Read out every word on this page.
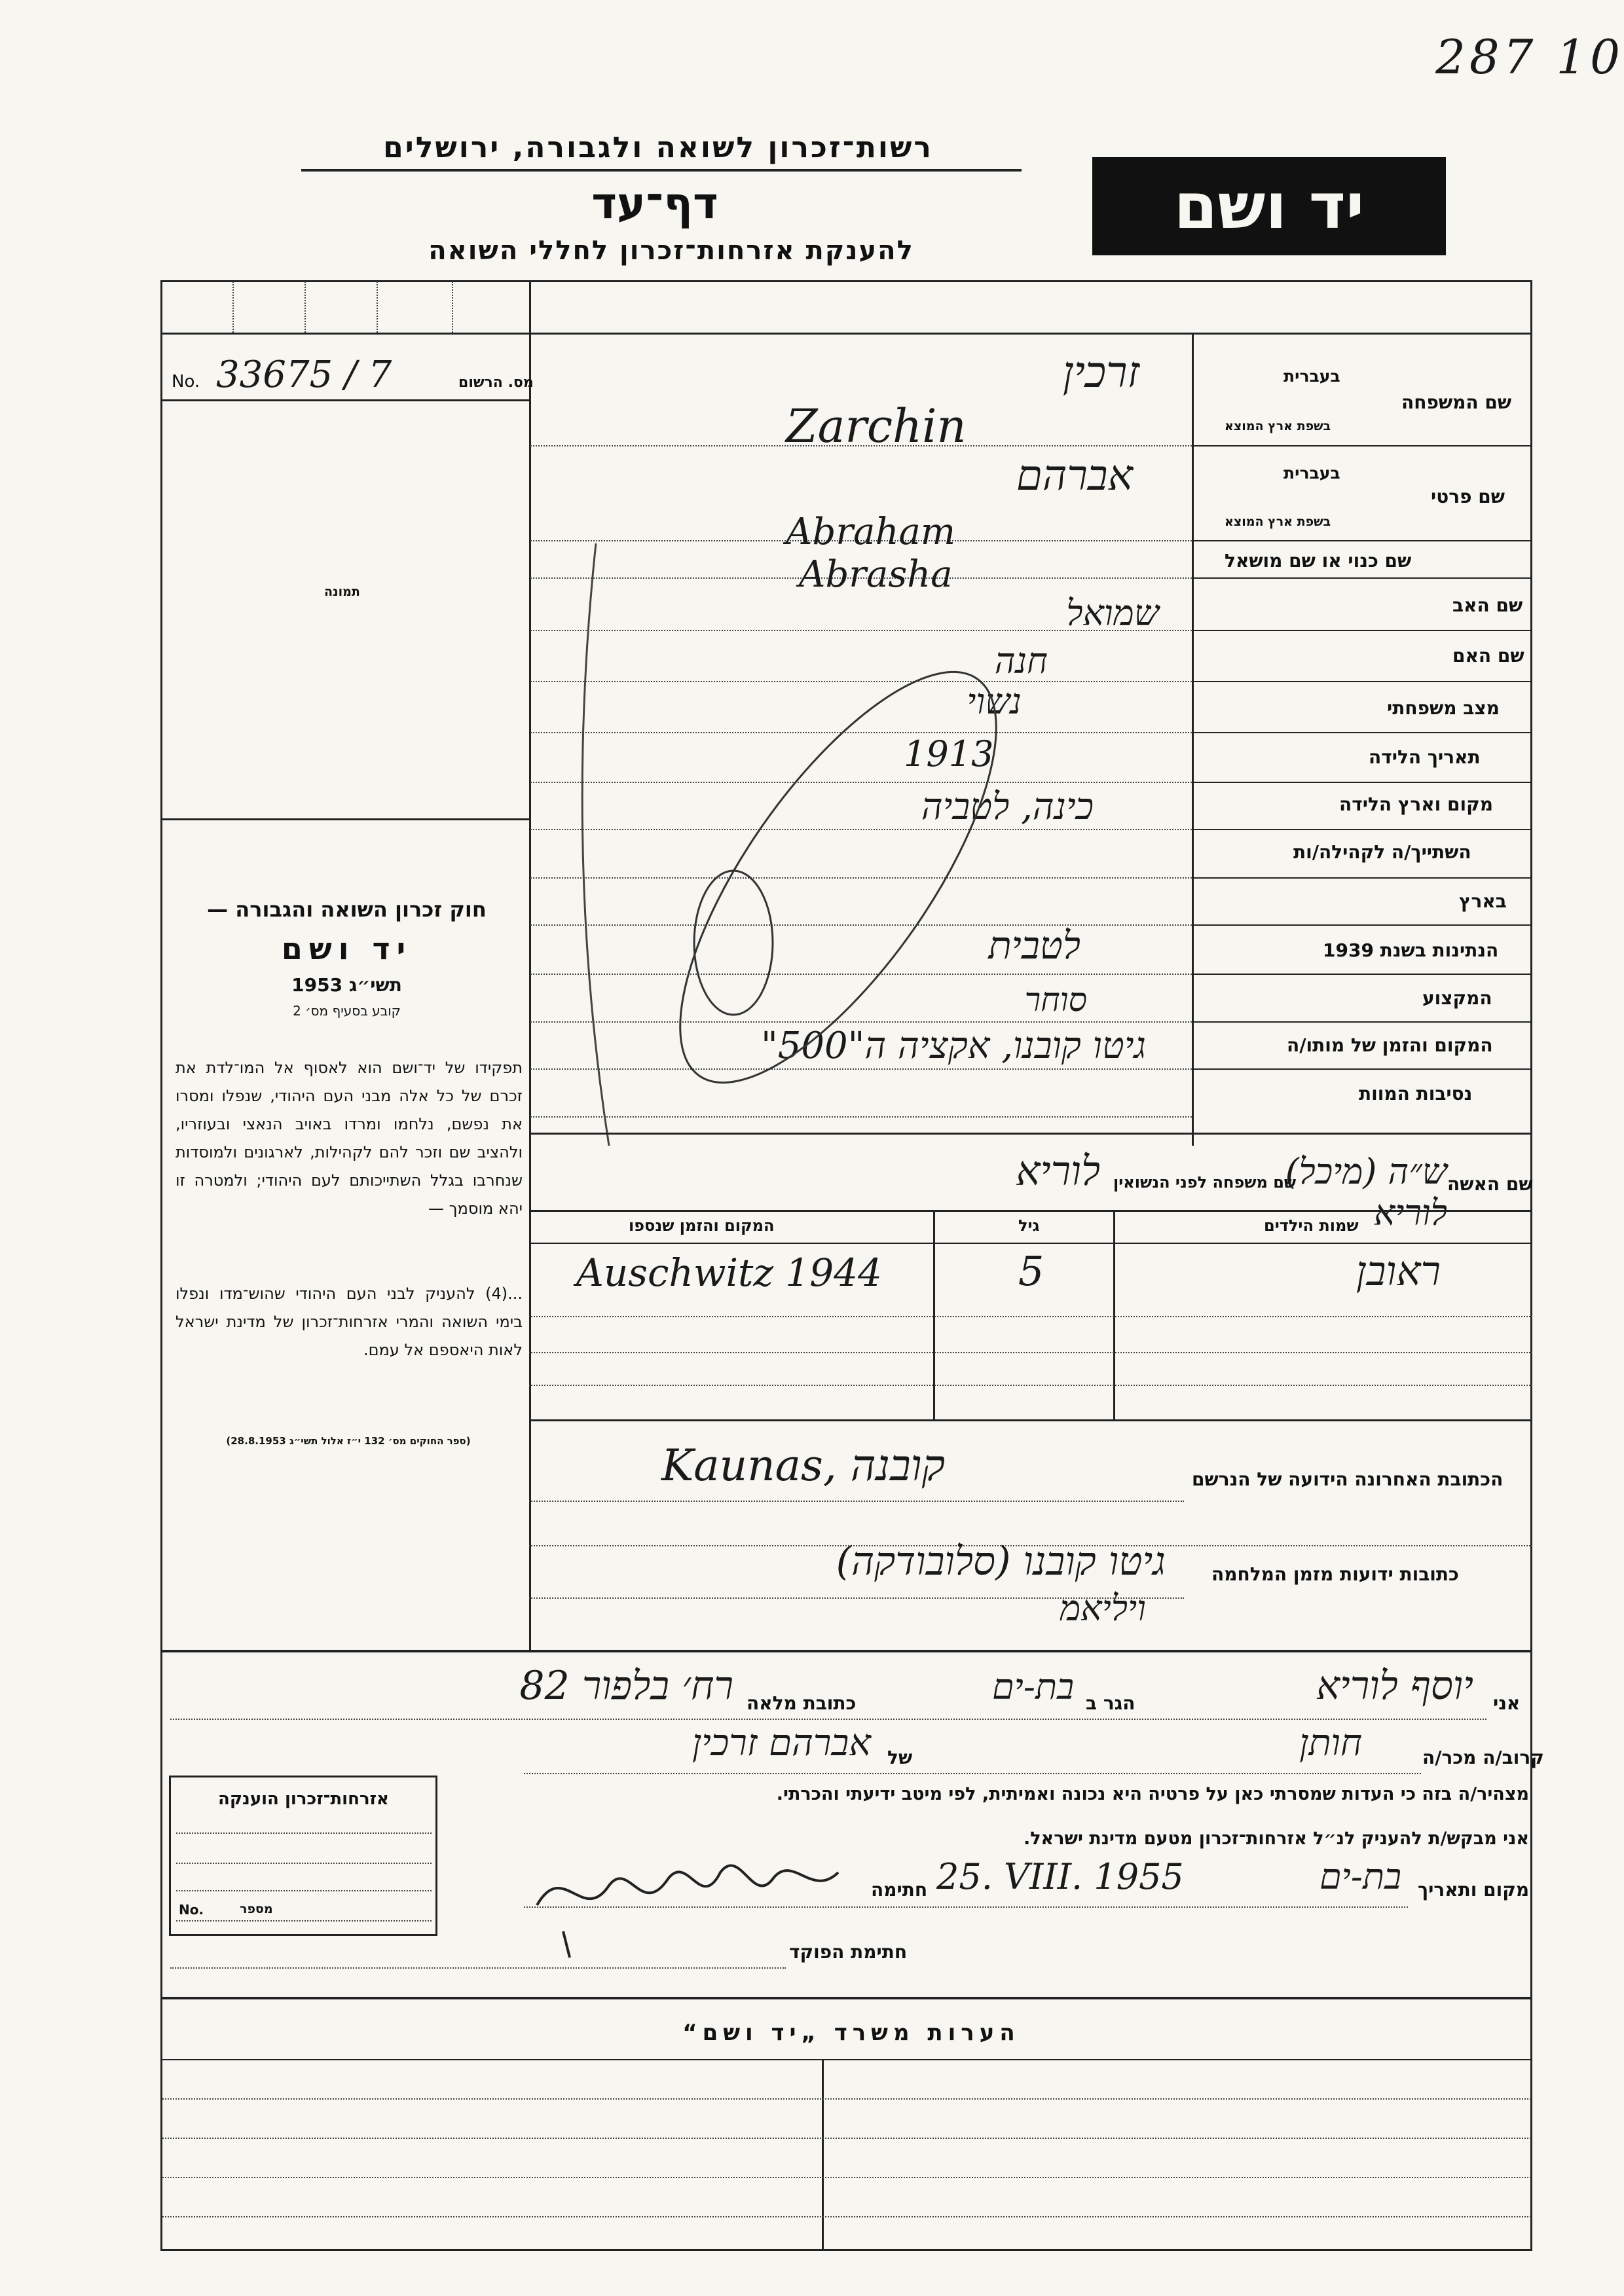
287 10
רשות־זכרון לשואה ולגבורה, ירושלים
דף־עד
להענקת אזרחות־זכרון לחללי השואה
יד ושם
No. 33675 / 7	מס. הרשום
תמונה
חוק זכרון השואה והגבורה —
יד ושם
תשי״ג 1953
קובע בסעיף מס׳ 2
תפקידו של יד־ושם הוא לאסוף אל המו־לדת את זכרם של כל אלה מבני העם היהודי, שנפלו ומסרו את נפשם, נלחמו ומרדו באויב הנאצי ובעוזריו, ולהציב שם וזכר להם לקהילות, לארגונים ולמוסדות שנחרבו בגלל השתייכותם לעם היהודי; ולמטרה זו יהא מוסמך —
...(4) להעניק לבני העם היהודי שהוש־מדו ונפלו בימי השואה והמרי אזרחות־זכרון של מדינת ישראל לאות היאספם אל עמם.
(ספר החוקים מס׳ 132 י״ז אלול תשי״ג 28.8.1953)
בעברית
שם המשפחה
בשפת ארץ המוצא
בעברית
שם פרטי
בשפת ארץ המוצא
שם כנוי או שם מושאל
שם האב
שם האם
מצב משפחתי
תאריך הלידה
מקום וארץ הלידה
השתייך/ה לקהילה/ות
בארץ
הנתינות בשנת 1939
המקצוע
המקום והזמן של מותו/ה
נסיבות המוות
זרכין
Zarchin
אברהם
Abraham
Abrasha
שמואל
חנה
נשוי
1913
כינה, לטביה
לטבית
סוחר
גיטו קובנו, אקציה ה"500"
שם האשה
שם משפחה לפני הנשואין
ש״ה (מיכל) לוריא
לוריא
שמות הילדים
גיל
המקום והזמן שנספו
ראובן
5
Auschwitz 1944
הכתובת האחרונה הידועה של הנרשם
Kaunas, קובנה
כתובות ידועות מזמן המלחמה
גיטו קובנו (סלובודקה)
ויליאמ
אני
יוסף לוריא
הגר ב
בת-ים
כתובת מלאה
רח׳ בלפור 82
קרוב/ה מכר/ה
חותן
של
אברהם זרכין
מצהיר/ה בזה כי העדות שמסרתי כאן על פרטיה היא נכונה ואמיתית, לפי מיטב ידיעתי והכרתי.
אני מבקש/ת להעניק לנ״ל אזרחות־זכרון מטעם מדינת ישראל.
מקום ותאריך
בת-ים
25. VIII. 1955
חתימה
חתימת הפוקד
אזרחות־זכרון הוענקה
No.	מספר
הערות משרד „יד ושם“
